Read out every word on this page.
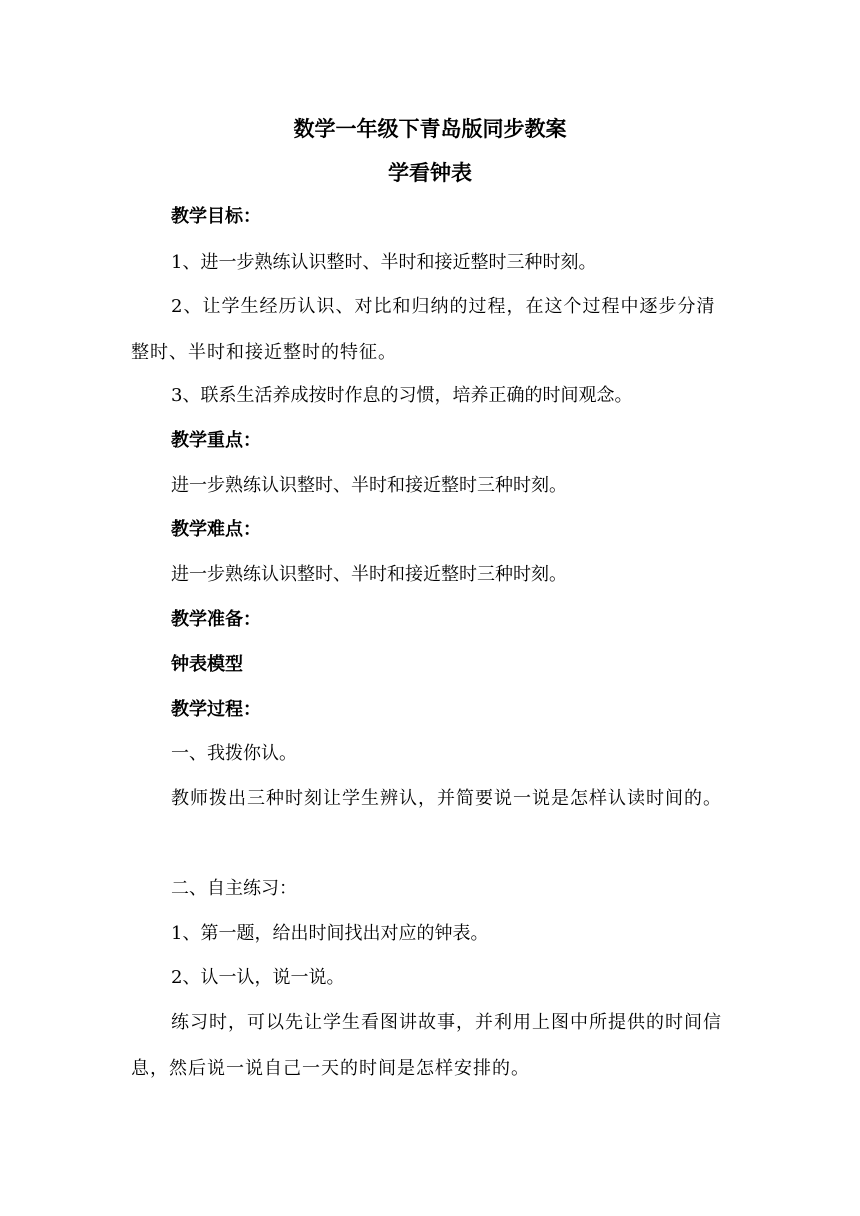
数学一年级下青岛版同步教案
学看钟表

教学目标：

1、进一步熟练认识整时、半时和接近整时三种时刻。

2、让学生经历认识、对比和归纳的过程，在这个过程中逐步分清整时、半时和接近整时的特征。

3、联系生活养成按时作息的习惯，培养正确的时间观念。

教学重点：

进一步熟练认识整时、半时和接近整时三种时刻。

教学难点：

进一步熟练认识整时、半时和接近整时三种时刻。

教学准备：

钟表模型

教学过程：

一、我拨你认。

教师拨出三种时刻让学生辨认，并简要说一说是怎样认读时间的。

二、自主练习：

1、第一题，给出时间找出对应的钟表。

2、认一认，说一说。

练习时，可以先让学生看图讲故事，并利用上图中所提供的时间信息，然后说一说自己一天的时间是怎样安排的。
